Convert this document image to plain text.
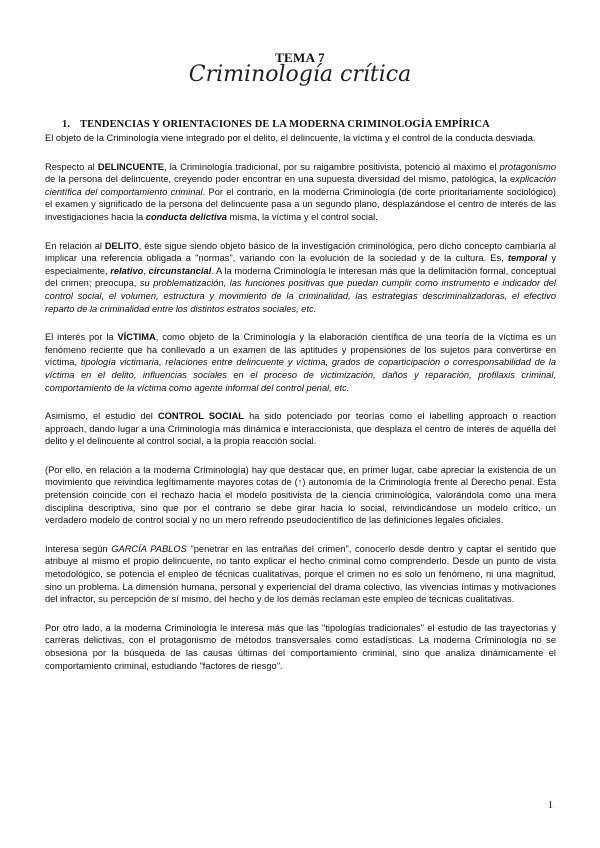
TEMA 7
Criminología crítica
1. TENDENCIAS Y ORIENTACIONES DE LA MODERNA CRIMINOLOGÍA EMPÍRICA

El objeto de la Criminología viene integrado por el delito, el delincuente, la víctima y el control de la conducta desviada.

Respecto al DELINCUENTE, la Criminología tradicional, por su raigambre positivista, potenció al máximo el protagonismo de la persona del delincuente, creyendo poder encontrar en una supuesta diversidad del mismo, patológica, la explicación científica del comportamiento criminal. Por el contrario, en la moderna Criminología (de corte prioritariamente sociológico) el examen y significado de la persona del delincuente pasa a un segundo plano, desplazándose el centro de interés de las investigaciones hacia la conducta delictiva misma, la víctima y el control social.

En relación al DELITO, éste sigue siendo objeto básico de la investigación criminológica, pero dicho concepto cambiaría al implicar una referencia obligada a "normas", variando con la evolución de la sociedad y de la cultura. Es, temporal y especialmente, relativo, circunstancial. A la moderna Criminología le interesan más que la delimitación formal, conceptual del crimen; preocupa, su problematización, las funciones positivas que puedan cumplir como instrumento e indicador del control social, el volumen, estructura y movimiento de la criminalidad, las estrategias descriminalizadoras, el efectivo reparto de la criminalidad entre los distintos estratos sociales, etc.

El interés por la VÍCTIMA, como objeto de la Criminología y la elaboración científica de una teoría de la víctima es un fenómeno reciente que ha conllevado a un examen de las aptitudes y propensiones de los sujetos para convertirse en víctima, tipología victimaria, relaciones entre delincuente y víctima, grados de coparticipación o corresponsabilidad de la víctima en el delito, influencias sociales en el proceso de victimización, daños y reparación, profilaxis criminal, comportamiento de la víctima como agente informal del control penal, etc.

Asimismo, el estudio del CONTROL SOCIAL ha sido potenciado por teorías como el labelling approach o reaction approach, dando lugar a una Criminología más dinámica e interaccionista, que desplaza el centro de interés de aquélla del delito y el delincuente al control social, a la propia reacción social.

(Por ello, en relación a la moderna Criminología) hay que destacar que, en primer lugar, cabe apreciar la existencia de un movimiento que reivindica legítimamente mayores cotas de (↑) autonomía de la Criminología frente al Derecho penal. Esta pretensión coincide con el rechazo hacia el modelo positivista de la ciencia criminológica, valorándola como una mera disciplina descriptiva, sino que por el contrario se debe girar hacia lo social, reivindicándose un modelo crítico, un verdadero modelo de control social y no un mero refrendo pseudocientífico de las definiciones legales oficiales.

Interesa según GARCÍA PABLOS "penetrar en las entrañas del crimen", conocerlo desde dentro y captar el sentido que atribuye al mismo el propio delincuente, no tanto explicar el hecho criminal como comprenderlo. Desde un punto de vista metodológico, se potencia el empleo de técnicas cualitativas, porque el crimen no es solo un fenómeno, ni una magnitud, sino un problema. La dimensión humana, personal y experiencial del drama colectivo, las vivencias íntimas y motivaciones del infractor, su percepción de sí mismo, del hecho y de los demás reclaman este empleo de técnicas cualitativas.

Por otro lado, a la moderna Criminología le interesa más que las "tipologías tradicionales" el estudio de las trayectorias y carreras delictivas, con el protagonismo de métodos transversales como estadísticas. La moderna Criminología no se obsesiona por la búsqueda de las causas últimas del comportamiento criminal, sino que analiza dinámicamente el comportamiento criminal, estudiando "factores de riesgo".

1
